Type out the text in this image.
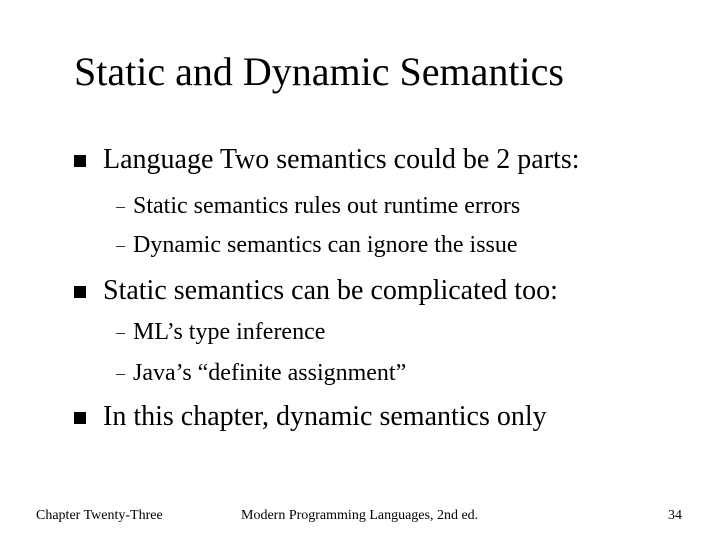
Static and Dynamic Semantics
Language Two semantics could be 2 parts:
– Static semantics rules out runtime errors
– Dynamic semantics can ignore the issue
Static semantics can be complicated too:
– ML’s type inference
– Java’s “definite assignment”
In this chapter, dynamic semantics only
Chapter Twenty-Three	Modern Programming Languages, 2nd ed.	34
